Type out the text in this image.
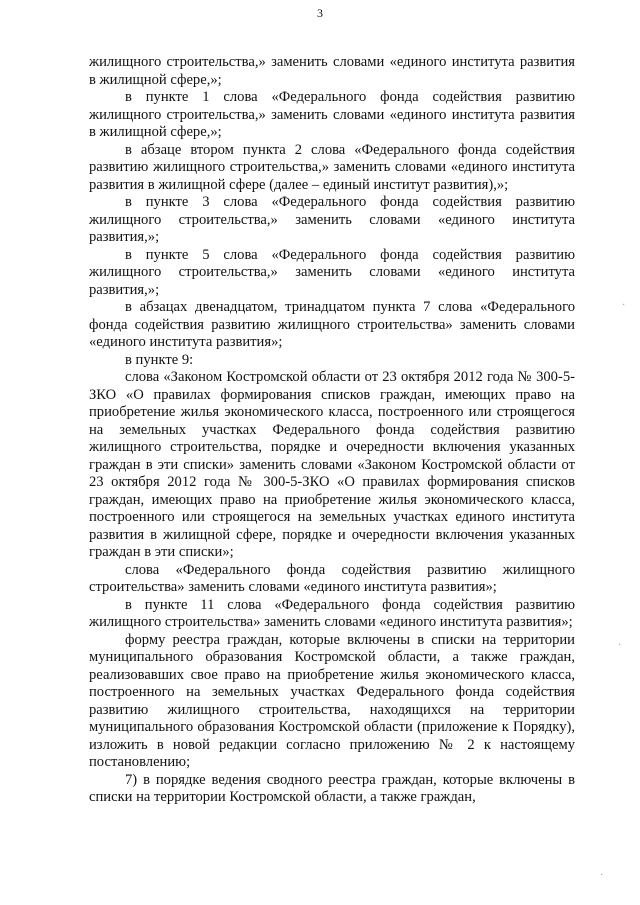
3

жилищного строительства,» заменить словами «единого института развития в жилищной сфере,»;

в пункте 1 слова «Федерального фонда содействия развитию жилищного строительства,» заменить словами «единого института развития в жилищной сфере,»;

в абзаце втором пункта 2 слова «Федерального фонда содействия развитию жилищного строительства,» заменить словами «единого института развития в жилищной сфере (далее – единый институт развития),»;

в пункте 3 слова «Федерального фонда содействия развитию жилищного строительства,» заменить словами «единого института развития,»;

в пункте 5 слова «Федерального фонда содействия развитию жилищного строительства,» заменить словами «единого института развития,»;

в абзацах двенадцатом, тринадцатом пункта 7 слова «Федерального фонда содействия развитию жилищного строительства» заменить словами «единого института развития»;

в пункте 9:

слова «Законом Костромской области от 23 октября 2012 года № 300-5-ЗКО «О правилах формирования списков граждан, имеющих право на приобретение жилья экономического класса, построенного или строящегося на земельных участках Федерального фонда содействия развитию жилищного строительства, порядке и очередности включения указанных граждан в эти списки» заменить словами «Законом Костромской области от 23 октября 2012 года № 300-5-ЗКО «О правилах формирования списков граждан, имеющих право на приобретение жилья экономического класса, построенного или строящегося на земельных участках единого института развития в жилищной сфере, порядке и очередности включения указанных граждан в эти списки»;

слова «Федерального фонда содействия развитию жилищного строительства» заменить словами «единого института развития»;

в пункте 11 слова «Федерального фонда содействия развитию жилищного строительства» заменить словами «единого института развития»;

форму реестра граждан, которые включены в списки на территории муниципального образования Костромской области, а также граждан, реализовавших свое право на приобретение жилья экономического класса, построенного на земельных участках Федерального фонда содействия развитию жилищного строительства, находящихся на территории муниципального образования Костромской области (приложение к Порядку), изложить в новой редакции согласно приложению № 2 к настоящему постановлению;

7) в порядке ведения сводного реестра граждан, которые включены в списки на территории Костромской области, а также граждан,

·
·
·
